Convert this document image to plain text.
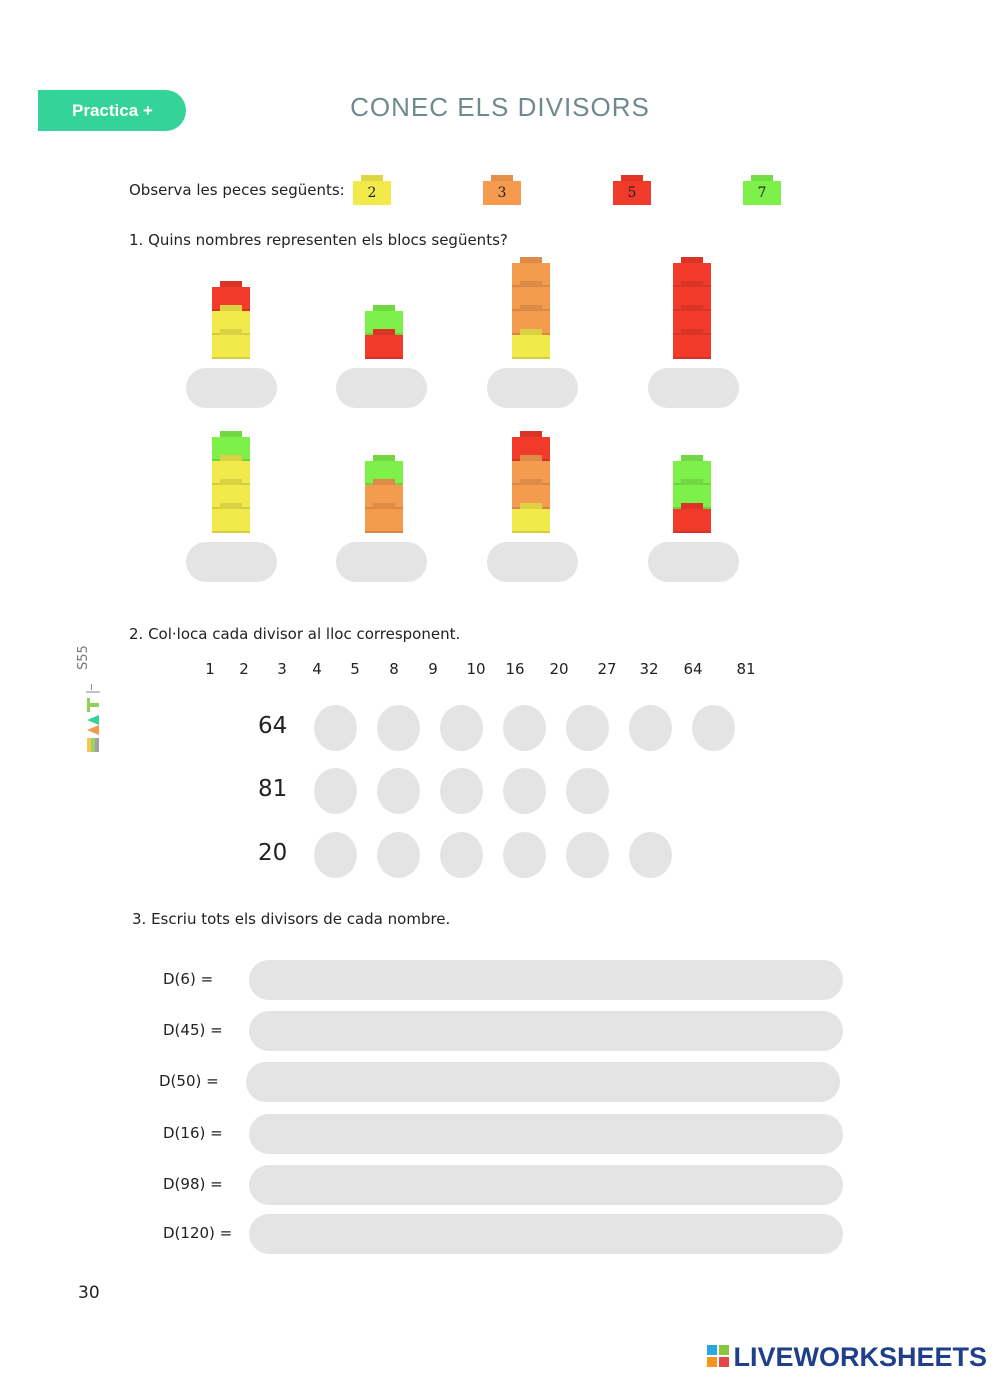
Practica +	CONEC ELS DIVISORS
Observa les peces següents:	2	3	5	7
1. Quins nombres representen els blocs següents?
2. Col·loca cada divisor al lloc corresponent.
1	2	3	4	5	8	9	10	16	20	27	32	64	81
64
81
20
3. Escriu tots els divisors de cada nombre.
D(6) =
D(45) =
D(50) =
D(16) =
D(98) =
D(120) =
S55
30
LIVEWORKSHEETS
